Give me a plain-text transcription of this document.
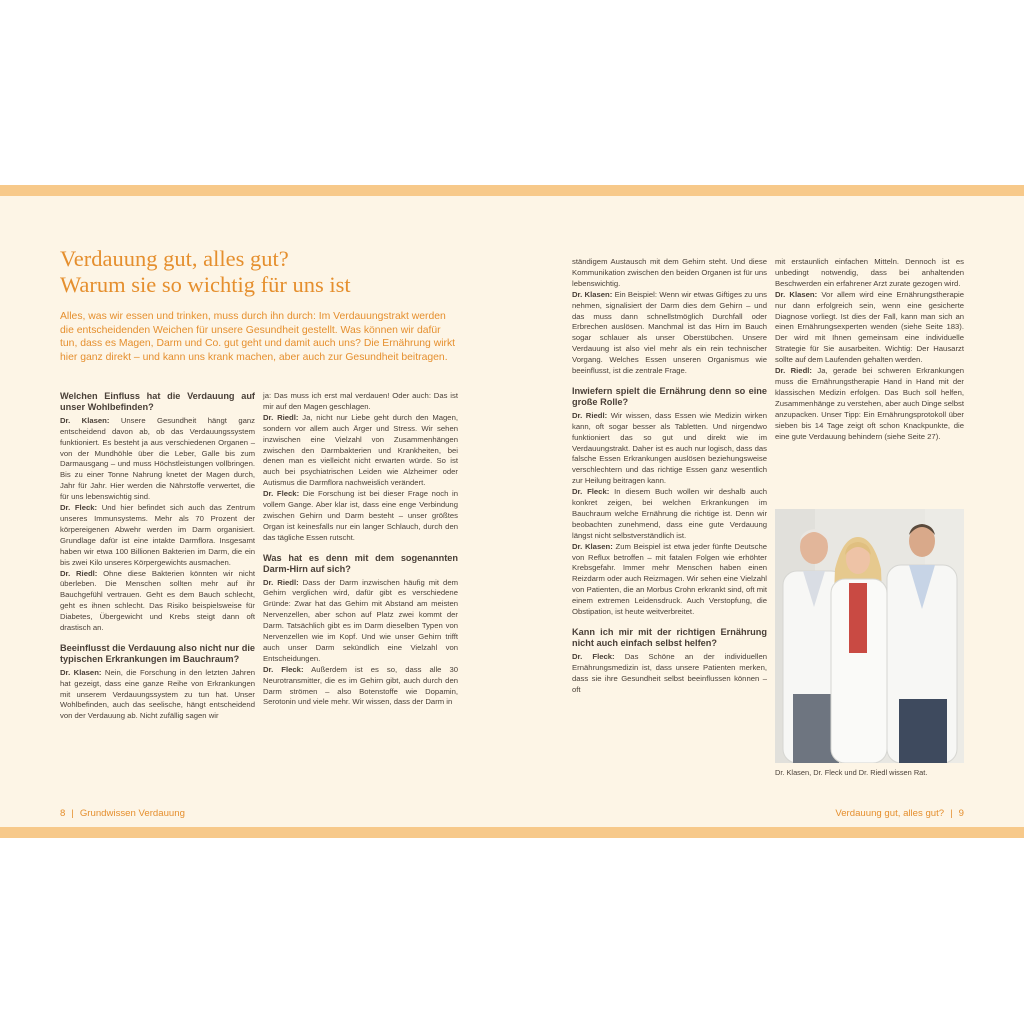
Verdauung gut, alles gut?
Warum sie so wichtig für uns ist
Alles, was wir essen und trinken, muss durch ihn durch: Im Verdauungstrakt werden die entscheidenden Weichen für unsere Gesundheit gestellt. Was können wir dafür tun, dass es Magen, Darm und Co. gut geht und damit auch uns? Die Ernährung wirkt hier ganz direkt – und kann uns krank machen, aber auch zur Gesundheit beitragen.
Welchen Einfluss hat die Verdauung auf unser Wohlbefinden?

Dr. Klasen: Unsere Gesundheit hängt ganz entscheidend davon ab, ob das Verdauungssystem funktioniert. Es besteht ja aus verschiedenen Organen – von der Mundhöhle über die Leber, Galle bis zum Darmausgang – und muss Höchstleistungen vollbringen. Bis zu einer Tonne Nahrung knetet der Magen durch, Jahr für Jahr. Hier werden die Nährstoffe verwertet, die für uns lebenswichtig sind.

Dr. Fleck: Und hier befindet sich auch das Zentrum unseres Immunsystems. Mehr als 70 Prozent der körpereigenen Abwehr werden im Darm organisiert. Grundlage dafür ist eine intakte Darmflora. Insgesamt haben wir etwa 100 Billionen Bakterien im Darm, die ein bis zwei Kilo unseres Körpergewichts ausmachen.

Dr. Riedl: Ohne diese Bakterien könnten wir nicht überleben. Die Menschen sollten mehr auf ihr Bauchgefühl vertrauen. Geht es dem Bauch schlecht, geht es ihnen schlecht. Das Risiko beispielsweise für Diabetes, Übergewicht und Krebs steigt dann oft drastisch an.

Beeinflusst die Verdauung also nicht nur die typischen Erkrankungen im Bauchraum?

Dr. Klasen: Nein, die Forschung in den letzten Jahren hat gezeigt, dass eine ganze Reihe von Erkrankungen mit unserem Verdauungssystem zu tun hat. Unser Wohlbefinden, auch das seelische, hängt entscheidend von der Verdauung ab. Nicht zufällig sagen wir

ja: Das muss ich erst mal verdauen! Oder auch: Das ist mir auf den Magen geschlagen.

Dr. Riedl: Ja, nicht nur Liebe geht durch den Magen, sondern vor allem auch Ärger und Stress. Wir sehen inzwischen eine Vielzahl von Zusammenhängen zwischen den Darmbakterien und Krankheiten, bei denen man es vielleicht nicht erwarten würde. So ist auch bei psychiatrischen Leiden wie Alzheimer oder Autismus die Darmflora nachweislich verändert.

Dr. Fleck: Die Forschung ist bei dieser Frage noch in vollem Gange. Aber klar ist, dass eine enge Verbindung zwischen Gehirn und Darm besteht – unser größtes Organ ist keinesfalls nur ein langer Schlauch, durch den das tägliche Essen rutscht.

Was hat es denn mit dem sogenannten Darm-Hirn auf sich?

Dr. Riedl: Dass der Darm inzwischen häufig mit dem Gehirn verglichen wird, dafür gibt es verschiedene Gründe: Zwar hat das Gehirn mit Abstand am meisten Nervenzellen, aber schon auf Platz zwei kommt der Darm. Tatsächlich gibt es im Darm dieselben Typen von Nervenzellen wie im Kopf. Und wie unser Gehirn trifft auch unser Darm sekündlich eine Vielzahl von Entscheidungen.

Dr. Fleck: Außerdem ist es so, dass alle 30 Neurotransmitter, die es im Gehirn gibt, auch durch den Darm strömen – also Botenstoffe wie Dopamin, Serotonin und viele mehr. Wir wissen, dass der Darm in

8 | Grundwissen Verdauung

ständigem Austausch mit dem Gehirn steht. Und diese Kommunikation zwischen den beiden Organen ist für uns lebenswichtig.

Dr. Klasen: Ein Beispiel: Wenn wir etwas Giftiges zu uns nehmen, signalisiert der Darm dies dem Gehirn – und das muss dann schnellstmöglich Durchfall oder Erbrechen auslösen. Manchmal ist das Hirn im Bauch sogar schlauer als unser Oberstübchen. Unsere Verdauung ist also viel mehr als ein rein technischer Vorgang. Welches Essen unseren Organismus wie beeinflusst, ist die zentrale Frage.

Inwiefern spielt die Ernährung denn so eine große Rolle?

Dr. Riedl: Wir wissen, dass Essen wie Medizin wirken kann, oft sogar besser als Tabletten. Und nirgendwo funktioniert das so gut und direkt wie im Verdauungstrakt. Daher ist es auch nur logisch, dass das falsche Essen Erkrankungen auslösen beziehungsweise verschlechtern und das richtige Essen ganz wesentlich zur Heilung beitragen kann.

Dr. Fleck: In diesem Buch wollen wir deshalb auch konkret zeigen, bei welchen Erkrankungen im Bauchraum welche Ernährung die richtige ist. Denn wir beobachten zunehmend, dass eine gute Verdauung längst nicht selbstverständlich ist.

Dr. Klasen: Zum Beispiel ist etwa jeder fünfte Deutsche von Reflux betroffen – mit fatalen Folgen wie erhöhter Krebsgefahr. Immer mehr Menschen haben einen Reizdarm oder auch Reizmagen. Wir sehen eine Vielzahl von Patienten, die an Morbus Crohn erkrankt sind, oft mit einem extremen Leidensdruck. Auch Verstopfung, die Obstipation, ist heute weitverbreitet.

Kann ich mir mit der richtigen Ernährung nicht auch einfach selbst helfen?

Dr. Fleck: Das Schöne an der individuellen Ernährungsmedizin ist, dass unsere Patienten merken, dass sie ihre Gesundheit selbst beeinflussen können – oft

mit erstaunlich einfachen Mitteln. Dennoch ist es unbedingt notwendig, dass bei anhaltenden Beschwerden ein erfahrener Arzt zurate gezogen wird.

Dr. Klasen: Vor allem wird eine Ernährungstherapie nur dann erfolgreich sein, wenn eine gesicherte Diagnose vorliegt. Ist dies der Fall, kann man sich an einen Ernährungsexperten wenden (siehe Seite 183). Der wird mit Ihnen gemeinsam eine individuelle Strategie für Sie ausarbeiten. Wichtig: Der Hausarzt sollte auf dem Laufenden gehalten werden.

Dr. Riedl: Ja, gerade bei schweren Erkrankungen muss die Ernährungstherapie Hand in Hand mit der klassischen Medizin erfolgen. Das Buch soll helfen, Zusammenhänge zu verstehen, aber auch Dinge selbst anzupacken. Unser Tipp: Ein Ernährungsprotokoll über sieben bis 14 Tage zeigt oft schon Knackpunkte, die eine gute Verdauung behindern (siehe Seite 27).

Dr. Klasen, Dr. Fleck und Dr. Riedl wissen Rat.
Verdauung gut, alles gut? | 9
